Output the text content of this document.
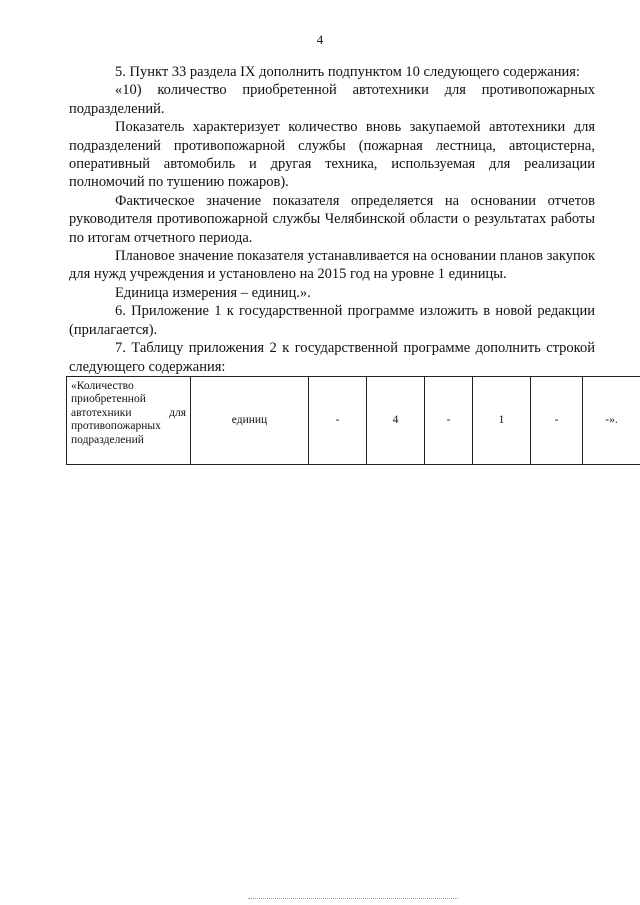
4

5. Пункт 33 раздела IX дополнить подпунктом 10 следующего содержания:

«10) количество приобретенной автотехники для противопожарных подразделений.

Показатель характеризует количество вновь закупаемой автотехники для подразделений противопожарной службы (пожарная лестница, автоцистерна, оперативный автомобиль и другая техника, используемая для реализации полномочий по тушению пожаров).

Фактическое значение показателя определяется на основании отчетов руководителя противопожарной службы Челябинской области о результатах работы по итогам отчетного периода.

Плановое значение показателя устанавливается на основании планов закупок для нужд учреждения и установлено на 2015 год на уровне 1 единицы.

Единица измерения – единиц.».

6. Приложение 1 к государственной программе изложить в новой редакции (прилагается).

7. Таблицу приложения 2 к государственной программе дополнить строкой следующего содержания:

«Количество приобретенной автотехники для противопожарных подразделений	единиц	-	4	-	1	-	-».
